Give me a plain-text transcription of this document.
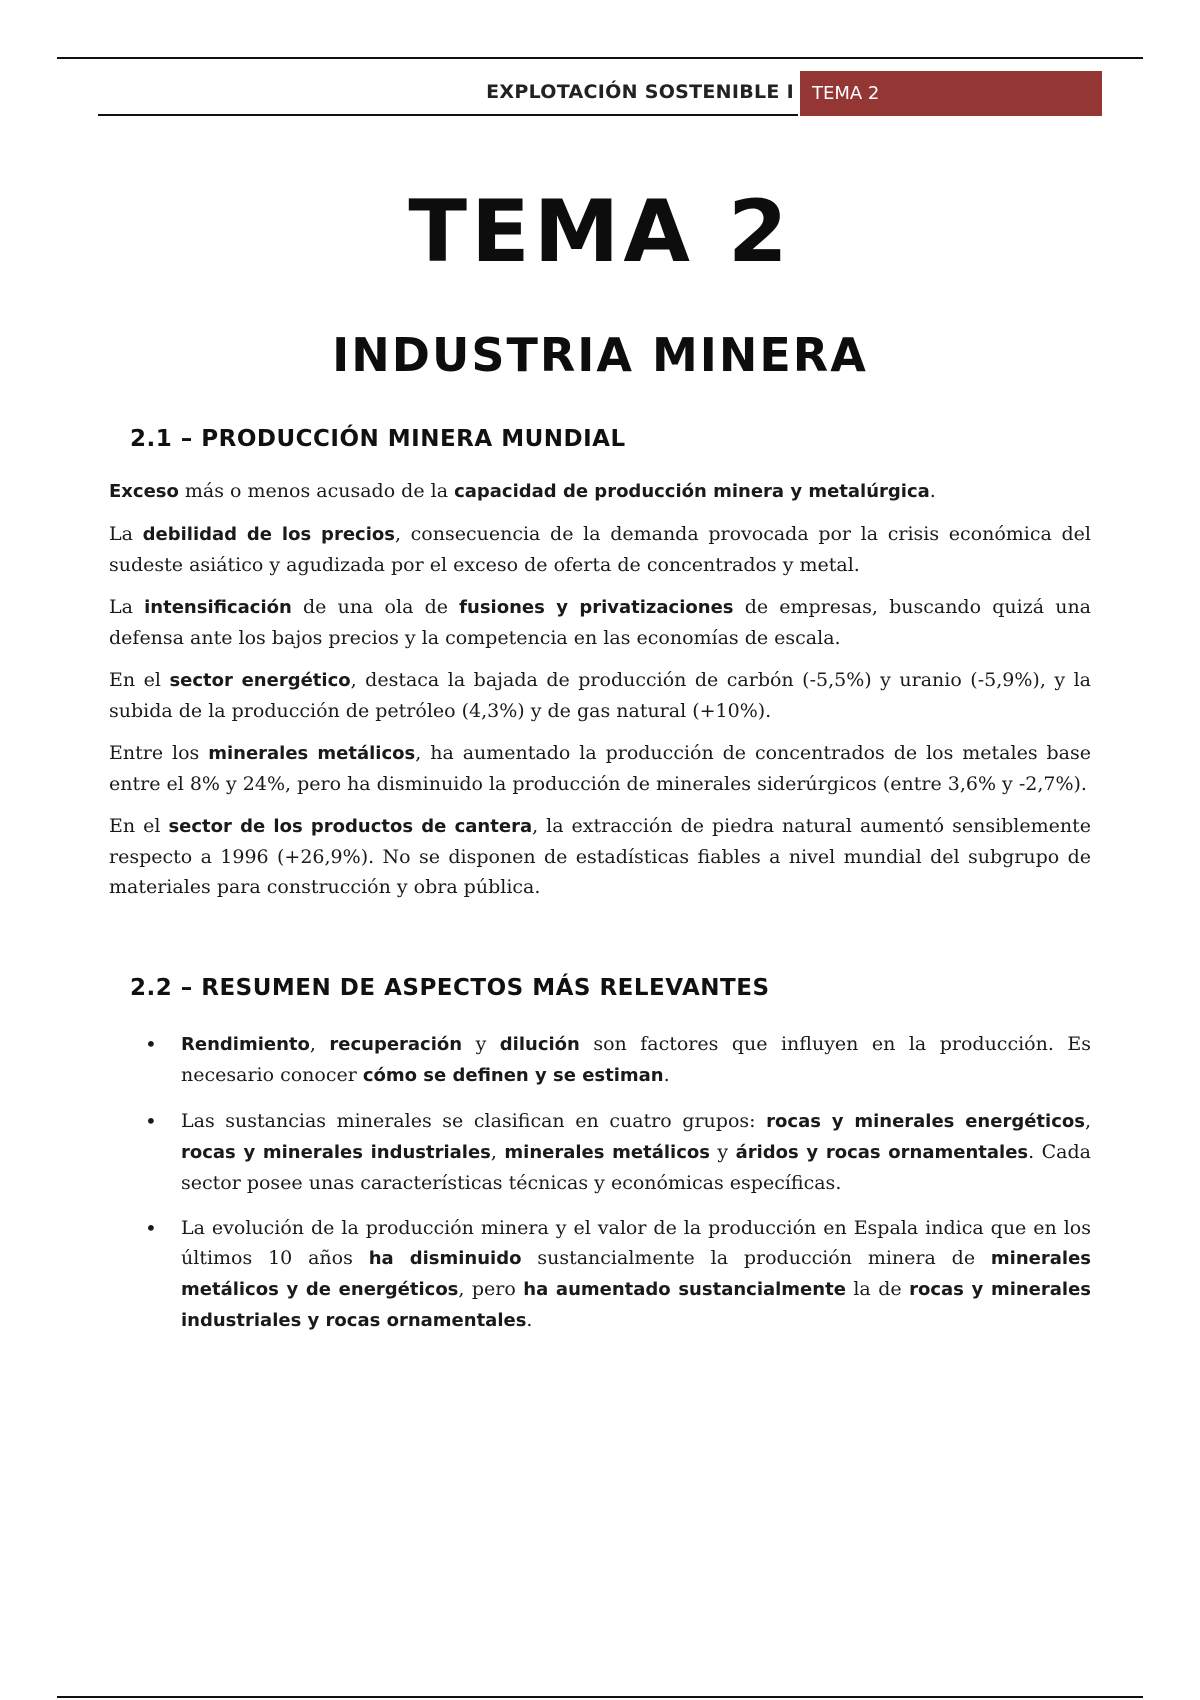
EXPLOTACIÓN SOSTENIBLE I	TEMA 2
TEMA 2
INDUSTRIA MINERA
2.1 – PRODUCCIÓN MINERA MUNDIAL

Exceso más o menos acusado de la capacidad de producción minera y metalúrgica.

La debilidad de los precios, consecuencia de la demanda provocada por la crisis económica del sudeste asiático y agudizada por el exceso de oferta de concentrados y metal.

La intensificación de una ola de fusiones y privatizaciones de empresas, buscando quizá una defensa ante los bajos precios y la competencia en las economías de escala.

En el sector energético, destaca la bajada de producción de carbón (-5,5%) y uranio (-5,9%), y la subida de la producción de petróleo (4,3%) y de gas natural (+10%).

Entre los minerales metálicos, ha aumentado la producción de concentrados de los metales base entre el 8% y 24%, pero ha disminuido la producción de minerales siderúrgicos (entre 3,6% y -2,7%).

En el sector de los productos de cantera, la extracción de piedra natural aumentó sensiblemente respecto a 1996 (+26,9%). No se disponen de estadísticas fiables a nivel mundial del subgrupo de materiales para construcción y obra pública.

2.2 – RESUMEN DE ASPECTOS MÁS RELEVANTES
• Rendimiento, recuperación y dilución son factores que influyen en la producción. Es necesario conocer cómo se definen y se estiman.
• Las sustancias minerales se clasifican en cuatro grupos: rocas y minerales energéticos, rocas y minerales industriales, minerales metálicos y áridos y rocas ornamentales. Cada sector posee unas características técnicas y económicas específicas.
• La evolución de la producción minera y el valor de la producción en Espala indica que en los últimos 10 años ha disminuido sustancialmente la producción minera de minerales metálicos y de energéticos, pero ha aumentado sustancialmente la de rocas y minerales industriales y rocas ornamentales.
